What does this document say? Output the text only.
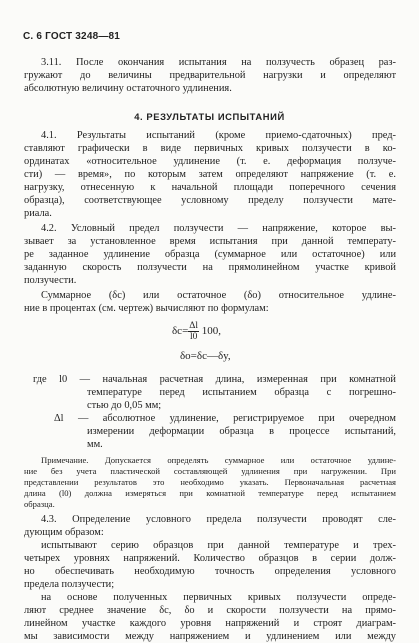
С. 6 ГОСТ 3248—81
3.11. После окончания испытания на ползучесть образец раз-
гружают до величины предварительной нагрузки и определяют
абсолютную величину остаточного удлинения.
4. РЕЗУЛЬТАТЫ ИСПЫТАНИЙ
4.1. Результаты испытаний (кроме приемо-сдаточных) пред-
ставляют графически в виде первичных кривых ползучести в ко-
ординатах «относительное удлинение (т. е. деформация ползуче-
сти) — время», по которым затем определяют напряжение (т. е.
нагрузку, отнесенную к начальной площади поперечного сечения
образца), соответствующее условному пределу ползучести мате-
риала.
4.2. Условный предел ползучести — напряжение, которое вы-
зывает за установленное время испытания при данной температу-
ре заданное удлинение образца (суммарное или остаточное) или
заданную скорость ползучести на прямолинейном участке кривой
ползучести.
Суммарное (δc) или остаточное (δо) относительное удлине-
ние в процентах (см. чертеж) вычисляют по формулам:
$\delta c= \frac{\Delta l}{l0} 100$,
δо=δc—δy,
где l0 — начальная расчетная длина, измеренная при комнатной
температуре перед испытанием образца с погрешно-
стью до 0,05 мм;
Δl — абсолютное удлинение, регистрируемое при очередном
измерении деформации образца в процессе испытаний,
мм.
Примечание. Допускается определять суммарное или остаточное удлине-
ние без учета пластической составляющей удлинения при нагружении. При
представлении результатов это необходимо указать. Первоначальная расчетная
длина (l0) должна измеряться при комнатной температуре перед испытанием
образца.
4.3. Определение условного предела ползучести проводят сле-
дующим образом:
испытывают серию образцов при данной температуре и трех-
четырех уровнях напряжений. Количество образцов в серии долж-
но обеспечивать необходимую точность определения условного
предела ползучести;
на основе полученных первичных кривых ползучести опреде-
ляют среднее значение δc, δо и скорости ползучести на прямо-
линейном участке каждого уровня напряжений и строят диаграм-
мы зависимости между напряжением и удлинением или между
